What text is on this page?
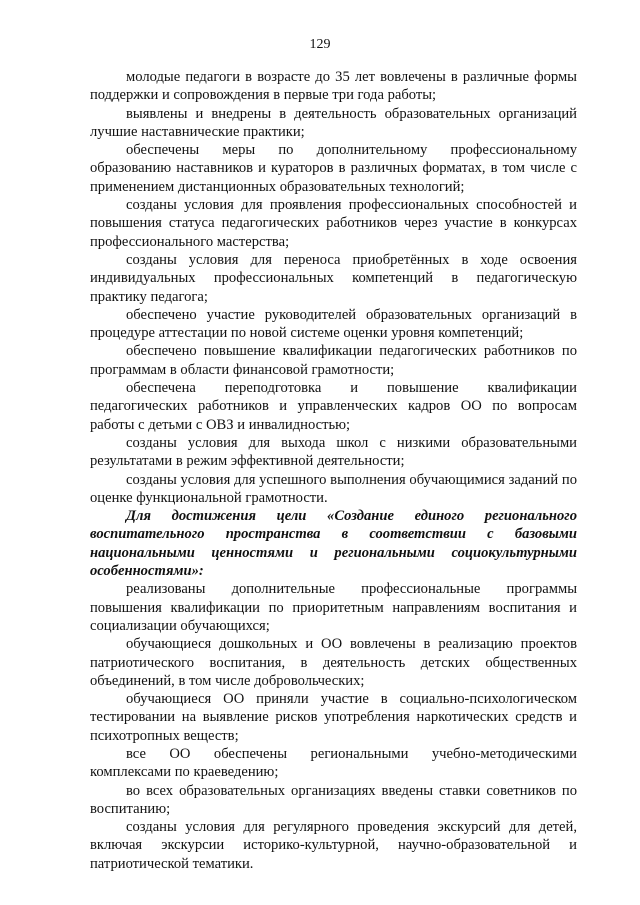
129

молодые педагоги в возрасте до 35 лет вовлечены в различные формы поддержки и сопровождения в первые три года работы;

выявлены и внедрены в деятельность образовательных организаций лучшие наставнические практики;

обеспечены меры по дополнительному профессиональному образованию наставников и кураторов в различных форматах, в том числе с применением дистанционных образовательных технологий;

созданы условия для проявления профессиональных способностей и повышения статуса педагогических работников через участие в конкурсах профессионального мастерства;

созданы условия для переноса приобретённых в ходе освоения индивидуальных профессиональных компетенций в педагогическую практику педагога;

обеспечено участие руководителей образовательных организаций в процедуре аттестации по новой системе оценки уровня компетенций;

обеспечено повышение квалификации педагогических работников по программам в области финансовой грамотности;

обеспечена переподготовка и повышение квалификации педагогических работников и управленческих кадров ОО по вопросам работы с детьми с ОВЗ и инвалидностью;

созданы условия для выхода школ с низкими образовательными результатами в режим эффективной деятельности;

созданы условия для успешного выполнения обучающимися заданий по оценке функциональной грамотности.

Для достижения цели «Создание единого регионального воспитательного пространства в соответствии с базовыми национальными ценностями и региональными социокультурными особенностями»:

реализованы дополнительные профессиональные программы повышения квалификации по приоритетным направлениям воспитания и социализации обучающихся;

обучающиеся дошкольных и ОО вовлечены в реализацию проектов патриотического воспитания, в деятельность детских общественных объединений, в том числе добровольческих;

обучающиеся ОО приняли участие в социально-психологическом тестировании на выявление рисков употребления наркотических средств и психотропных веществ;

все ОО обеспечены региональными учебно-методическими комплексами по краеведению;

во всех образовательных организациях введены ставки советников по воспитанию;

созданы условия для регулярного проведения экскурсий для детей, включая экскурсии историко-культурной, научно-образовательной и патриотической тематики.
